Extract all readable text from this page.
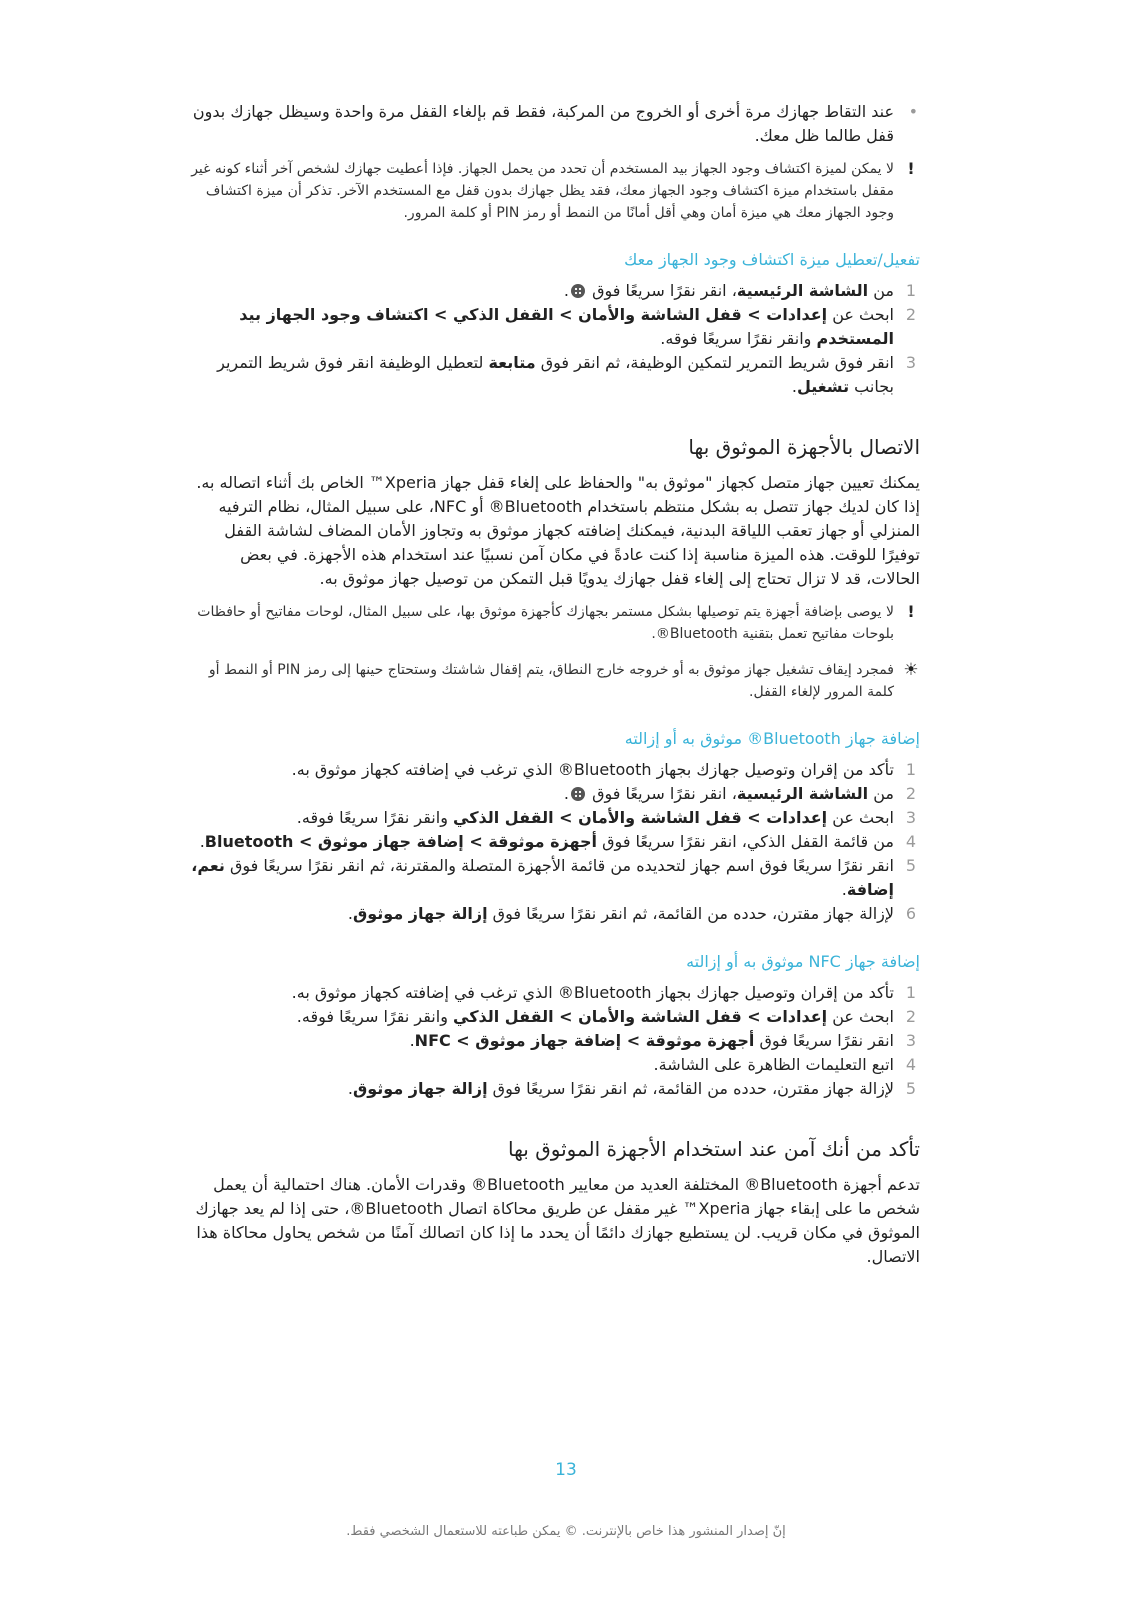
•
عند التقاط جهازك مرة أخرى أو الخروج من المركبة، فقط قم بإلغاء القفل مرة واحدة وسيظل جهازك بدون قفل طالما ظل معك.

!
لا يمكن لميزة اكتشاف وجود الجهاز بيد المستخدم أن تحدد من يحمل الجهاز. فإذا أعطيت جهازك لشخص آخر أثناء كونه غير مقفل باستخدام ميزة اكتشاف وجود الجهاز معك، فقد يظل جهازك بدون قفل مع المستخدم الآخر. تذكر أن ميزة اكتشاف وجود الجهاز معك هي ميزة أمان وهي أقل أمانًا من النمط أو رمز PIN أو كلمة المرور.
تفعيل/تعطيل ميزة اكتشاف وجود الجهاز معك
1
من الشاشة الرئيسية، انقر نقرًا سريعًا فوق .
2
ابحث عن إعدادات > قفل الشاشة والأمان > القفل الذكي > اكتشاف وجود الجهاز بيد المستخدم وانقر نقرًا سريعًا فوقه.
3
انقر فوق شريط التمرير لتمكين الوظيفة، ثم انقر فوق متابعة لتعطيل الوظيفة انقر فوق شريط التمرير بجانب تشغيل.
الاتصال بالأجهزة الموثوق بها

يمكنك تعيين جهاز متصل كجهاز "موثوق به" والحفاظ على إلغاء قفل جهاز Xperia™ الخاص بك أثناء اتصاله به. إذا كان لديك جهاز تتصل به بشكل منتظم باستخدام Bluetooth® أو NFC، على سبيل المثال، نظام الترفيه المنزلي أو جهاز تعقب اللياقة البدنية، فيمكنك إضافته كجهاز موثوق به وتجاوز الأمان المضاف لشاشة القفل توفيرًا للوقت. هذه الميزة مناسبة إذا كنت عادةً في مكان آمن نسبيًا عند استخدام هذه الأجهزة. في بعض الحالات، قد لا تزال تحتاج إلى إلغاء قفل جهازك يدويًا قبل التمكن من توصيل جهاز موثوق به.

!
لا يوصى بإضافة أجهزة يتم توصيلها بشكل مستمر بجهازك كأجهزة موثوق بها، على سبيل المثال، لوحات مفاتيح أو حافظات بلوحات مفاتيح تعمل بتقنية Bluetooth®.
☀
فمجرد إيقاف تشغيل جهاز موثوق به أو خروجه خارج النطاق، يتم إقفال شاشتك وستحتاج حينها إلى رمز PIN أو النمط أو كلمة المرور لإلغاء القفل.
إضافة جهاز Bluetooth® موثوق به أو إزالته
1
تأكد من إقران وتوصيل جهازك بجهاز Bluetooth® الذي ترغب في إضافته كجهاز موثوق به.
2
من الشاشة الرئيسية، انقر نقرًا سريعًا فوق .
3
ابحث عن إعدادات > قفل الشاشة والأمان > القفل الذكي وانقر نقرًا سريعًا فوقه.
4
من قائمة القفل الذكي، انقر نقرًا سريعًا فوق أجهزة موثوقة > إضافة جهاز موثوق > Bluetooth.
5
انقر نقرًا سريعًا فوق اسم جهاز لتحديده من قائمة الأجهزة المتصلة والمقترنة، ثم انقر نقرًا سريعًا فوق نعم، إضافة.
6
لإزالة جهاز مقترن، حدده من القائمة، ثم انقر نقرًا سريعًا فوق إزالة جهاز موثوق.
إضافة جهاز NFC موثوق به أو إزالته
1
تأكد من إقران وتوصيل جهازك بجهاز Bluetooth® الذي ترغب في إضافته كجهاز موثوق به.
2
ابحث عن إعدادات > قفل الشاشة والأمان > القفل الذكي وانقر نقرًا سريعًا فوقه.
3
انقر نقرًا سريعًا فوق أجهزة موثوقة > إضافة جهاز موثوق > NFC.
4
اتبع التعليمات الظاهرة على الشاشة.
5
لإزالة جهاز مقترن، حدده من القائمة، ثم انقر نقرًا سريعًا فوق إزالة جهاز موثوق.
تأكد من أنك آمن عند استخدام الأجهزة الموثوق بها

تدعم أجهزة Bluetooth® المختلفة العديد من معايير Bluetooth® وقدرات الأمان. هناك احتمالية أن يعمل شخص ما على إبقاء جهاز Xperia™ غير مقفل عن طريق محاكاة اتصال Bluetooth®، حتى إذا لم يعد جهازك الموثوق في مكان قريب. لن يستطيع جهازك دائمًا أن يحدد ما إذا كان اتصالك آمنًا من شخص يحاول محاكاة هذا الاتصال.

13
إنّ إصدار المنشور هذا خاص بالإنترنت. © يمكن طباعته للاستعمال الشخصي فقط.
